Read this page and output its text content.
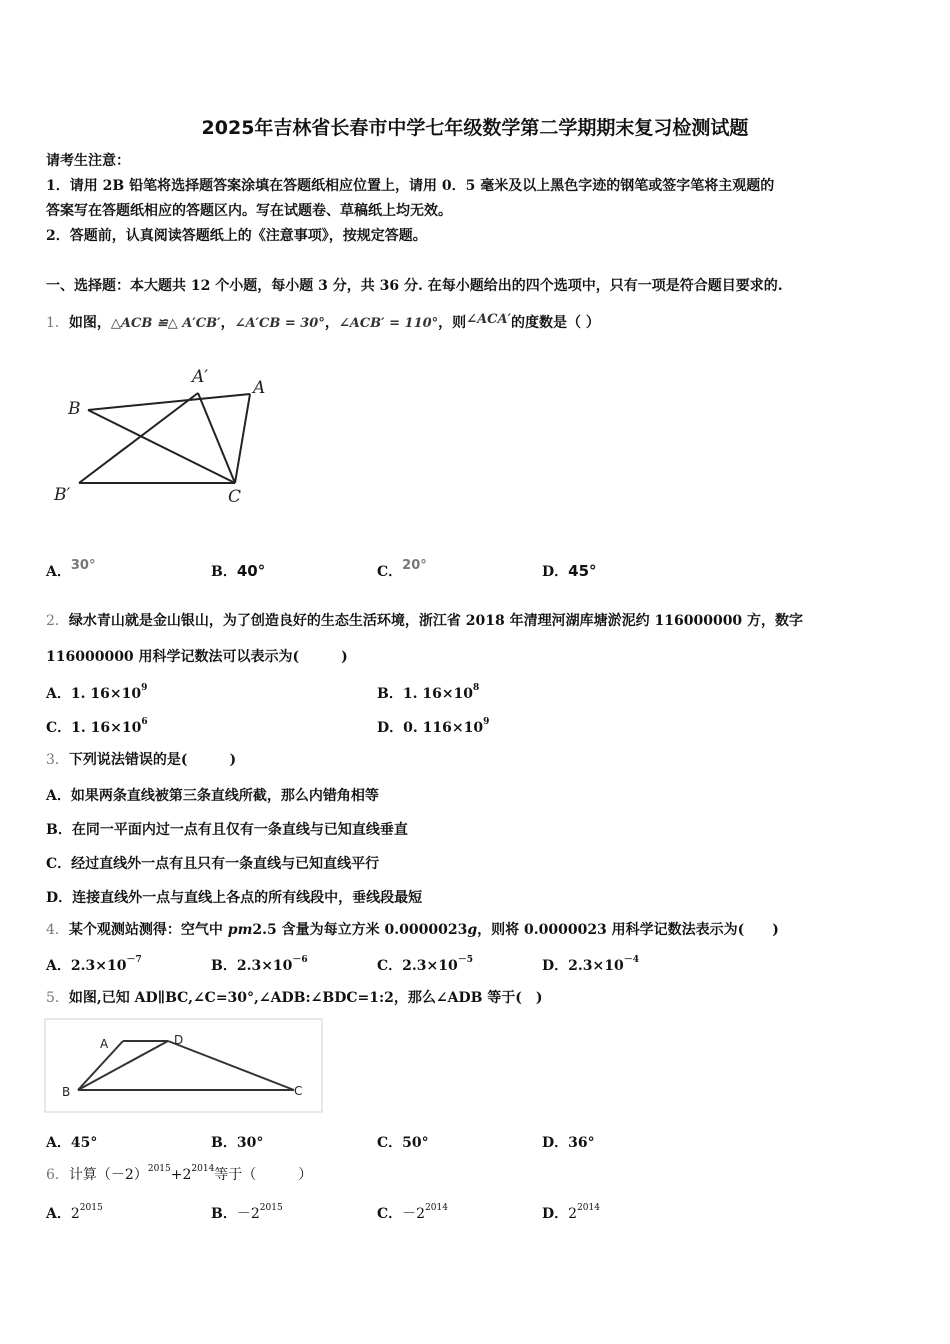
2025年吉林省长春市中学七年级数学第二学期期末复习检测试题
请考生注意：
1．请用 2B 铅笔将选择题答案涂填在答题纸相应位置上，请用 0．5 毫米及以上黑色字迹的钢笔或签字笔将主观题的
答案写在答题纸相应的答题区内。写在试题卷、草稿纸上均无效。
2．答题前，认真阅读答题纸上的《注意事项》，按规定答题。
一、选择题：本大题共 12 个小题，每小题 3 分，共 36 分. 在每小题给出的四个选项中，只有一项是符合题目要求的.
1．如图，△ACB ≌△ A′CB′，∠A′CB = 30°，∠ACB′ = 110°，则∠ACA′的度数是（ ）
B
A′
A
B′	C
A．30°	B．40°	C．20°	D．45°
2．绿水青山就是金山银山，为了创造良好的生态生活环境，浙江省 2018 年清理河湖库塘淤泥约 116000000 方，数字
116000000 用科学记数法可以表示为(　　　)
A．1. $16\times 10^9$	B．1. $16\times 10^8$
C．1. $16\times 10^6$	D．0. $116\times 10^9$
3．下列说法错误的是(　　　)
A．如果两条直线被第三条直线所截，那么内错角相等
B．在同一平面内过一点有且仅有一条直线与已知直线垂直
C．经过直线外一点有且只有一条直线与已知直线平行
D．连接直线外一点与直线上各点的所有线段中，垂线段最短
4．某个观测站测得：空气中 pm2.5 含量为每立方米 0.0000023g，则将 0.0000023 用科学记数法表示为(　　)
A．$2.3\times 10^{-7}$	B．$2.3\times 10^{-6}$	C．$2.3\times 10^{-5}$	D．$2.3\times 10^{-4}$
5．如图,已知 AD∥BC,∠C=30°,∠ADB:∠BDC=1:2，那么∠ADB 等于(　)
A	D
B	C
A．45°	B．30°	C．50°	D．36°
6．计算$(-2)^{2015}+2^{2014}$等于（　　　）
A．$2^{2015}$	B．$-2^{2015}$	C．$-2^{2014}$	D．$2^{2014}$
